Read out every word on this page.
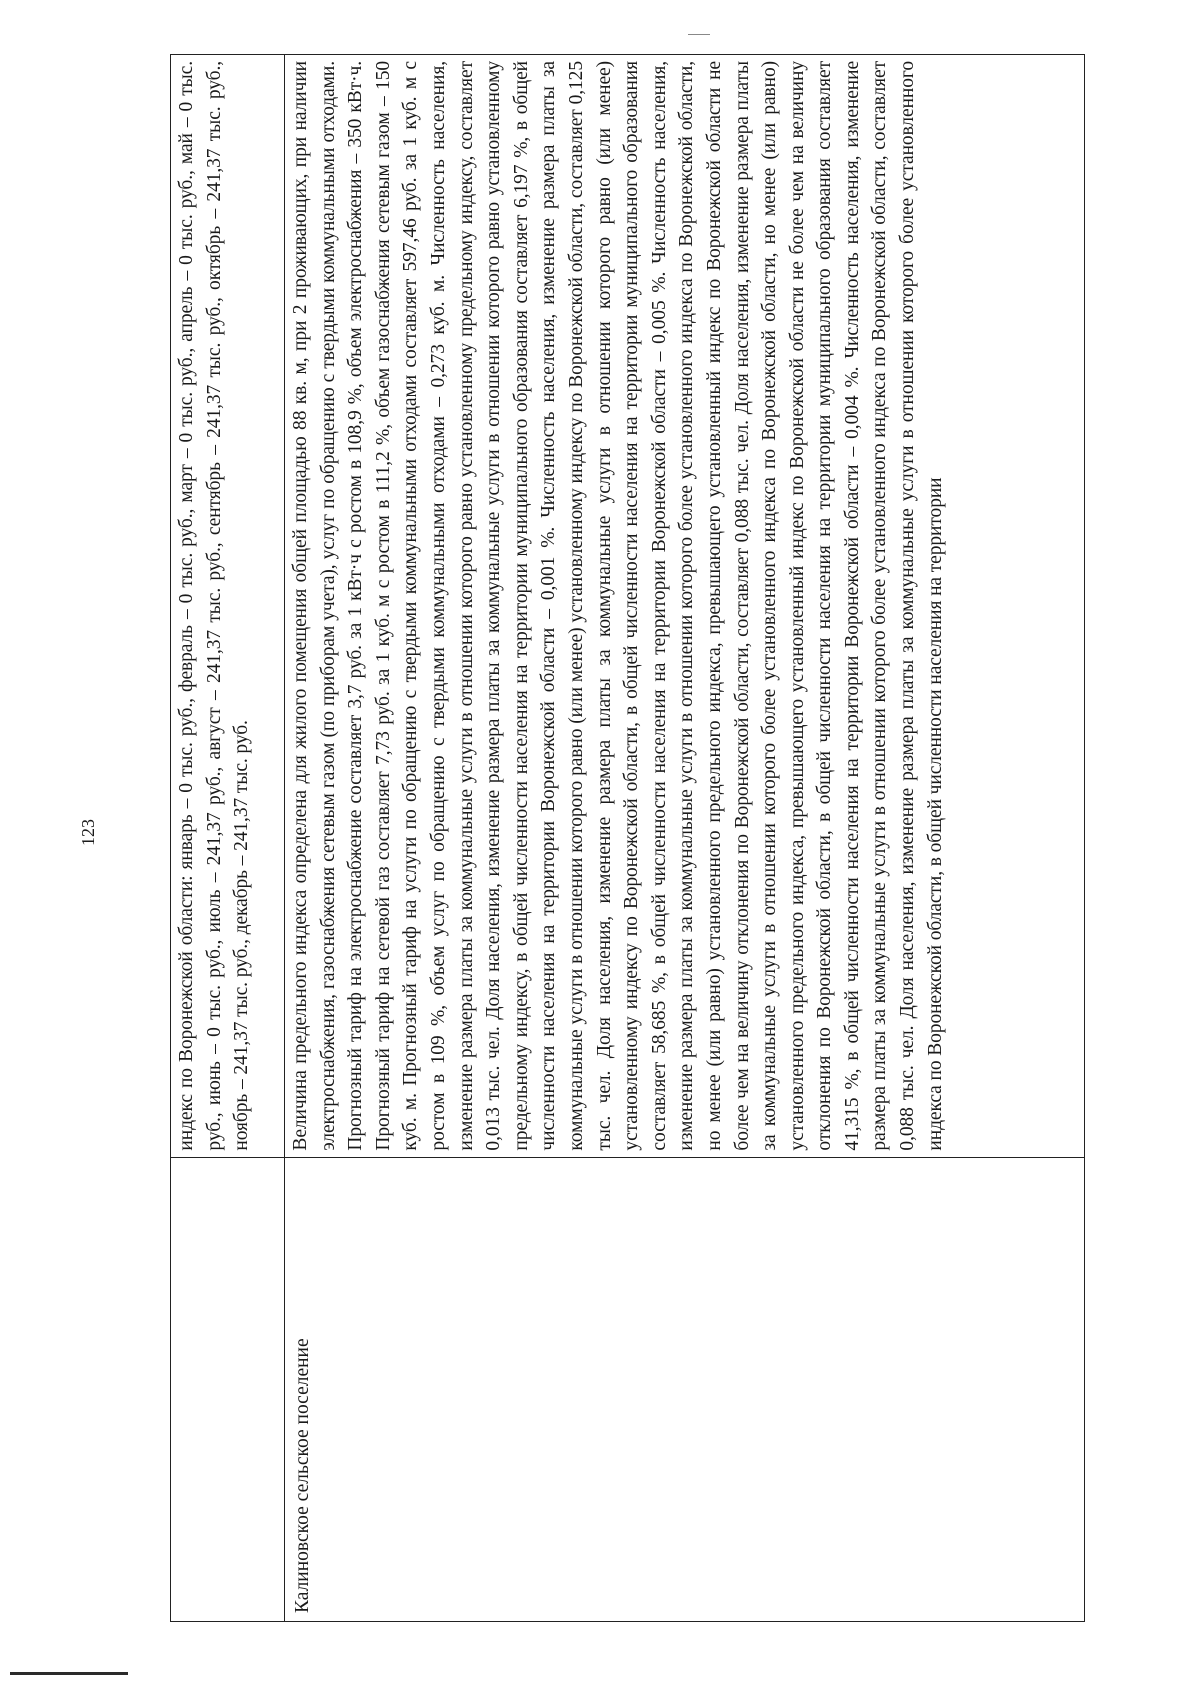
123	индекс по Воронежской области: январь – 0 тыс. руб., февраль – 0 тыс. руб., март – 0 тыс. руб., апрель – 0 тыс. руб., май – 0 тыс. руб., июнь – 0 тыс. руб., июль – 241,37 руб., август – 241,37 тыс. руб., сентябрь – 241,37 тыс. руб., октябрь – 241,37 тыс. руб., ноябрь – 241,37 тыс. руб., декабрь – 241,37 тыс. руб.

Калиновское сельское поселение

Величина предельного индекса определена для жилого помещения общей площадью 88 кв. м, при 2 проживающих, при наличии электроснабжения, газоснабжения сетевым газом (по приборам учета), услуг по обращению с твердыми коммунальными отходами. Прогнозный тариф на электроснабжение составляет 3,7 руб. за 1 кВт·ч с ростом в 108,9 %, объем электроснабжения – 350 кВт·ч. Прогнозный тариф на сетевой газ составляет 7,73 руб. за 1 куб. м с ростом в 111,2 %, объем газоснабжения сетевым газом – 150 куб. м. Прогнозный тариф на услуги по обращению с твердыми коммунальными отходами составляет 597,46 руб. за 1 куб. м с ростом в 109 %, объем услуг по обращению с твердыми коммунальными отходами – 0,273 куб. м. Численность населения, изменение размера платы за коммунальные услуги в отношении которого равно установленному предельному индексу, составляет 0,013 тыс. чел. Доля населения, изменение размера платы за коммунальные услуги в отношении которого равно установленному предельному индексу, в общей численности населения на территории муниципального образования составляет 6,197 %, в общей численности населения на территории Воронежской области – 0,001 %. Численность населения, изменение размера платы за коммунальные услуги в отношении которого равно (или менее) установленному индексу по Воронежской области, составляет 0,125 тыс. чел. Доля населения, изменение размера платы за коммунальные услуги в отношении которого равно (или менее) установленному индексу по Воронежской области, в общей численности населения на территории муниципального образования составляет 58,685 %, в общей численности населения на территории Воронежской области – 0,005 %. Численность населения, изменение размера платы за коммунальные услуги в отношении которого более установленного индекса по Воронежской области, но менее (или равно) установленного предельного индекса, превышающего установленный индекс по Воронежской области не более чем на величину отклонения по Воронежской области, составляет 0,088 тыс. чел. Доля населения, изменение размера платы за коммунальные услуги в отношении которого более установленного индекса по Воронежской области, но менее (или равно) установленного предельного индекса, превышающего установленный индекс по Воронежской области не более чем на величину отклонения по Воронежской области, в общей численности населения на территории муниципального образования составляет 41,315 %, в общей численности населения на территории Воронежской области – 0,004 %. Численность населения, изменение размера платы за коммунальные услуги в отношении которого более установленного индекса по Воронежской области, составляет 0,088 тыс. чел. Доля населения, изменение размера платы за коммунальные услуги в отношении которого более установленного индекса по Воронежской области, в общей численности населения на территории
